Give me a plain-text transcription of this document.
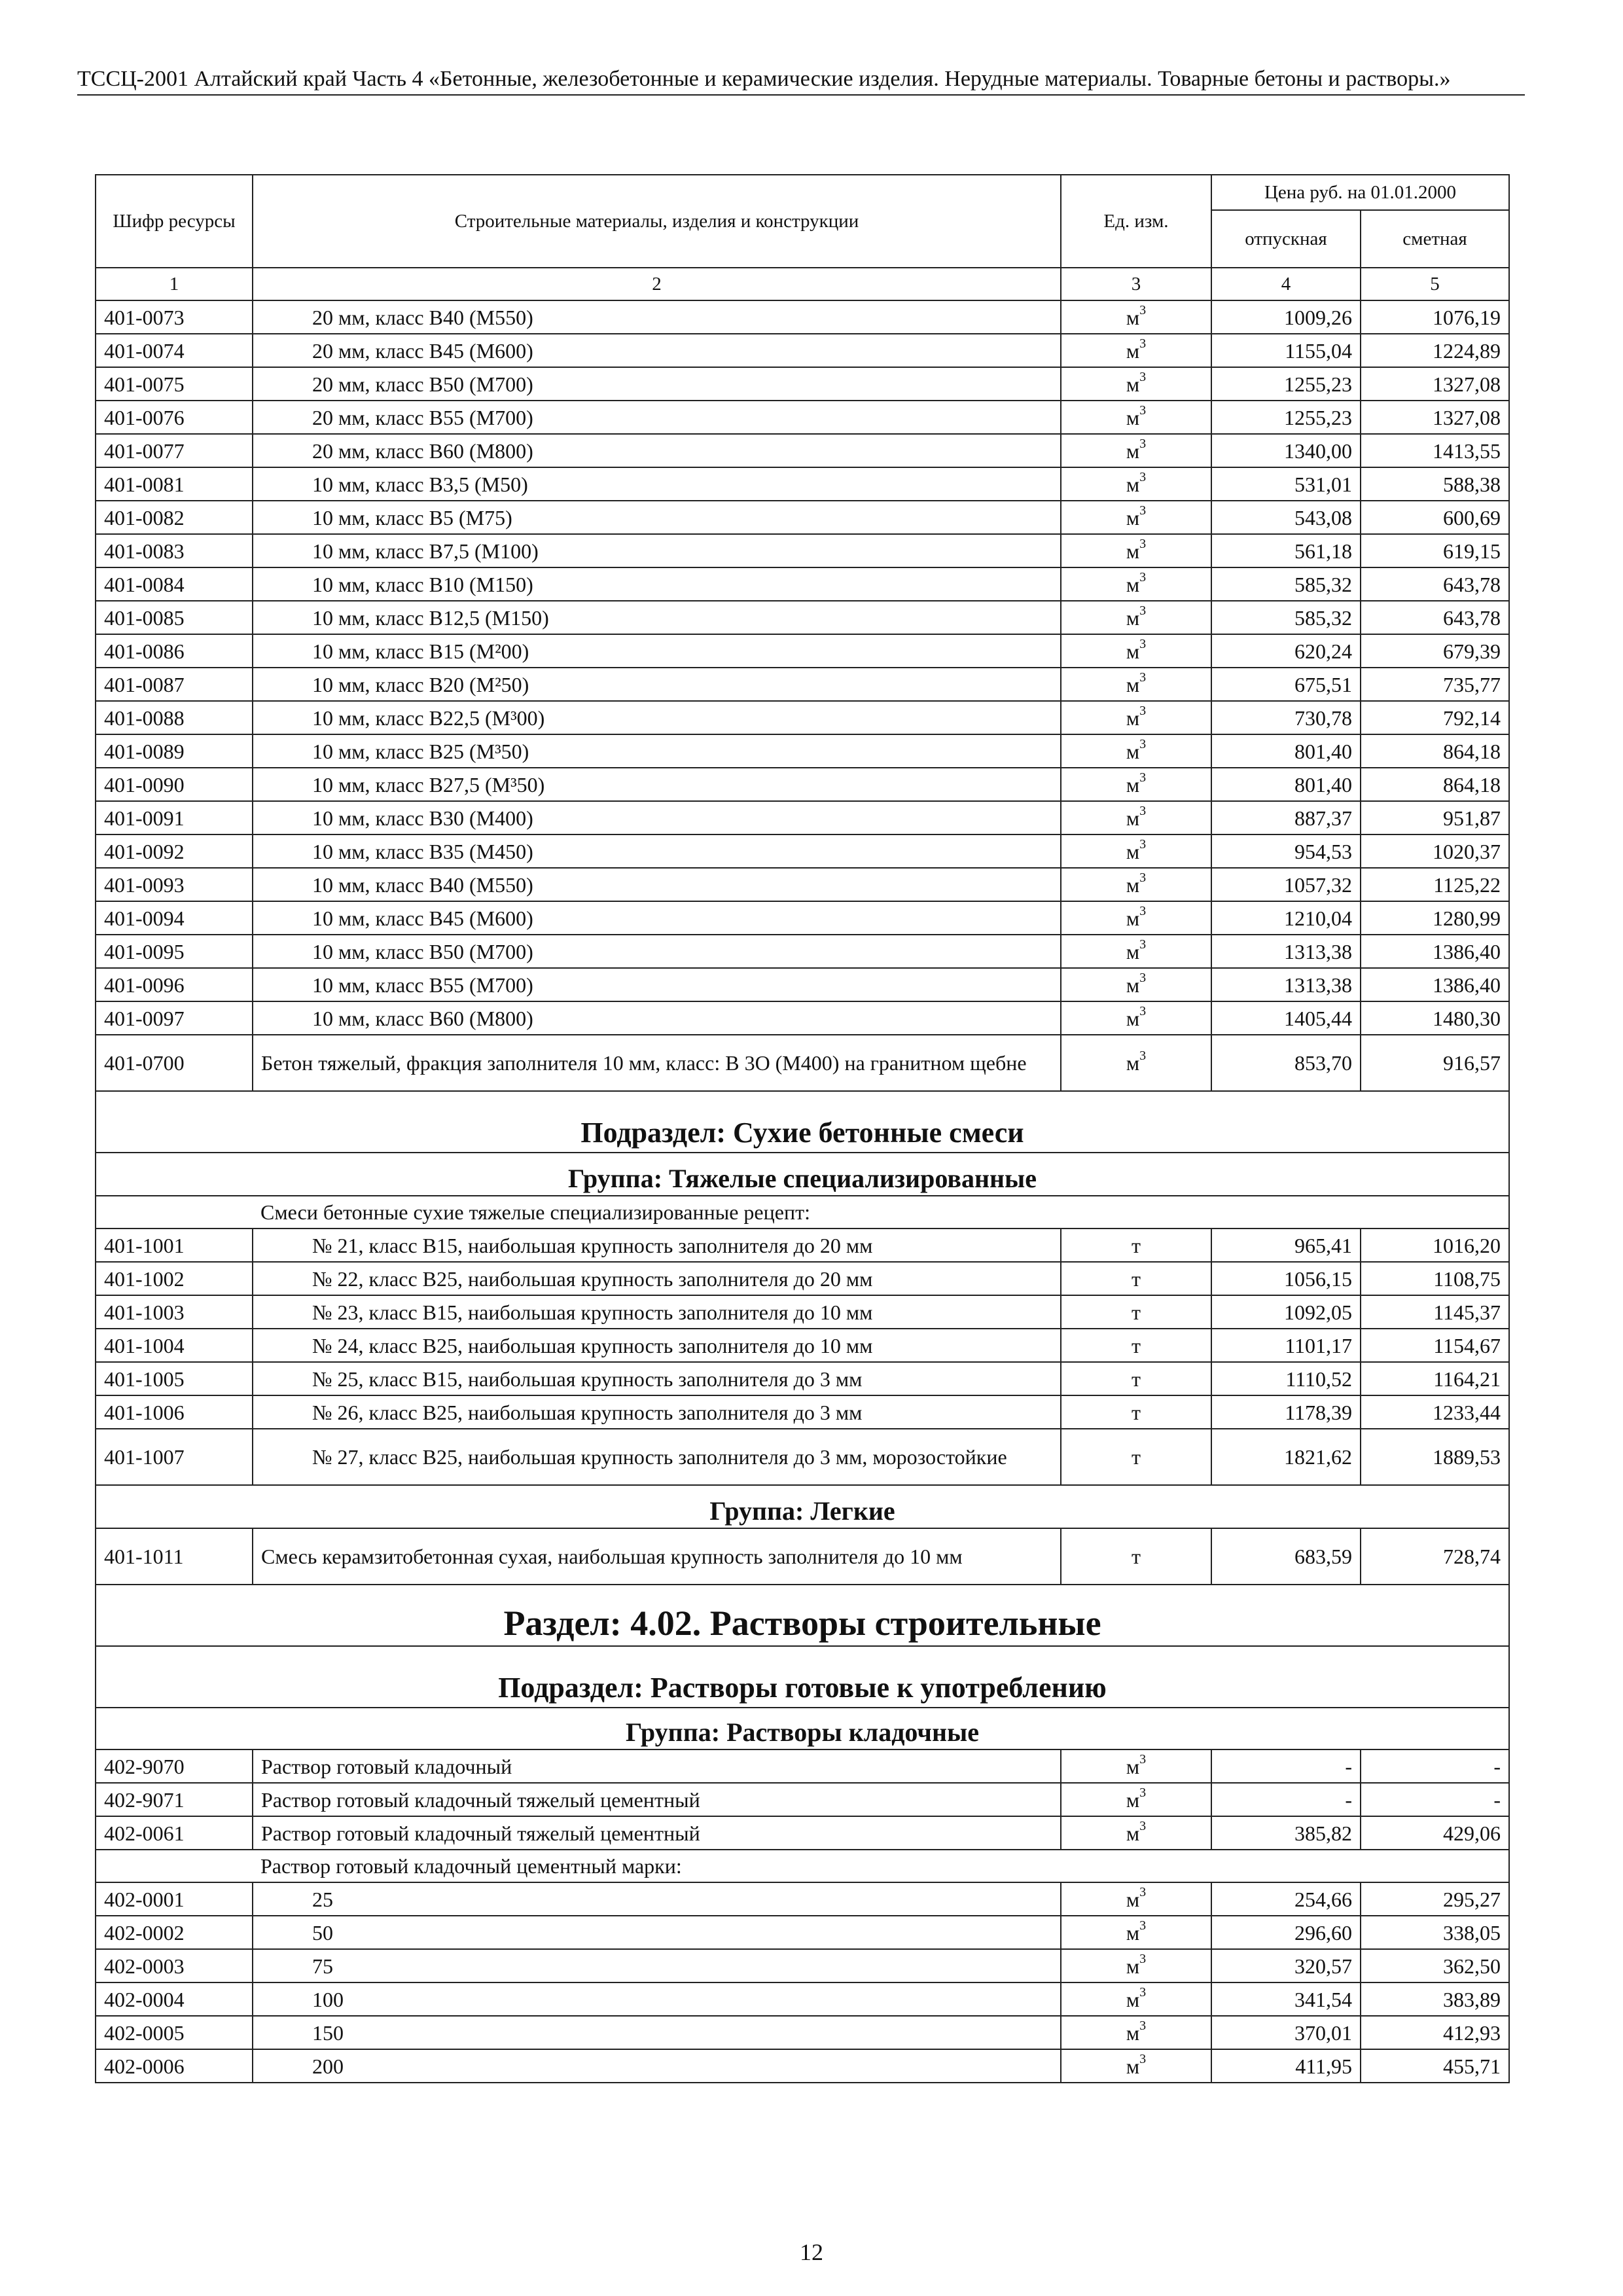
ТССЦ-2001 Алтайский край Часть 4 «Бетонные, железобетонные и керамические изделия. Нерудные материалы. Товарные бетоны и растворы.»
Шифр ресурсы	Строительные материалы, изделия и конструкции	Ед. изм.	Цена руб. на 01.01.2000	
			отпускная	сметная
1	2	3	4	5
401-0073	20 мм, класс В40 (М550)	$м^3$	1009,26	1076,19
401-0074	20 мм, класс В45 (М600)	$м^3$	1155,04	1224,89
401-0075	20 мм, класс В50 (М700)	$м^3$	1255,23	1327,08
401-0076	20 мм, класс В55 (М700)	$м^3$	1255,23	1327,08
401-0077	20 мм, класс В60 (М800)	$м^3$	1340,00	1413,55
401-0081	10 мм, класс В3,5 (М50)	$м^3$	531,01	588,38
401-0082	10 мм, класс В5 (М75)	$м^3$	543,08	600,69
401-0083	10 мм, класс В7,5 (М100)	$м^3$	561,18	619,15
401-0084	10 мм, класс В10 (М150)	$м^3$	585,32	643,78
401-0085	10 мм, класс В12,5 (М150)	$м^3$	585,32	643,78
401-0086	10 мм, класс В15 (М²00)	$м^3$	620,24	679,39
401-0087	10 мм, класс В20 (М²50)	$м^3$	675,51	735,77
401-0088	10 мм, класс В22,5 (М³00)	$м^3$	730,78	792,14
401-0089	10 мм, класс В25 (М³50)	$м^3$	801,40	864,18
401-0090	10 мм, класс В27,5 (М³50)	$м^3$	801,40	864,18
401-0091	10 мм, класс В30 (М400)	$м^3$	887,37	951,87
401-0092	10 мм, класс В35 (М450)	$м^3$	954,53	1020,37
401-0093	10 мм, класс В40 (М550)	$м^3$	1057,32	1125,22
401-0094	10 мм, класс В45 (М600)	$м^3$	1210,04	1280,99
401-0095	10 мм, класс В50 (М700)	$м^3$	1313,38	1386,40
401-0096	10 мм, класс В55 (М700)	$м^3$	1313,38	1386,40
401-0097	10 мм, класс В60 (М800)	$м^3$	1405,44	1480,30
401-0700	Бетон тяжелый, фракция заполнителя 10 мм, класс: В 3О (М400) на гранитном щебне	$м^3$	853,70	916,57
Подраздел: Сухие бетонные смеси				
Группа: Тяжелые специализированные				
	Смеси бетонные сухие тяжелые специализированные рецепт:			
401-1001	№ 21, класс В15, наибольшая крупность заполнителя до 20 мм	т	965,41	1016,20
401-1002	№ 22, класс В25, наибольшая крупность заполнителя до 20 мм	т	1056,15	1108,75
401-1003	№ 23, класс В15, наибольшая крупность заполнителя до 10 мм	т	1092,05	1145,37
401-1004	№ 24, класс В25, наибольшая крупность заполнителя до 10 мм	т	1101,17	1154,67
401-1005	№ 25, класс В15, наибольшая крупность заполнителя до 3 мм	т	1110,52	1164,21
401-1006	№ 26, класс В25, наибольшая крупность заполнителя до 3 мм	т	1178,39	1233,44
401-1007	№ 27, класс В25, наибольшая крупность заполнителя до 3 мм, морозостойкие	т	1821,62	1889,53
Группа: Легкие				
401-1011	Смесь керамзитобетонная сухая, наибольшая крупность заполнителя до 10 мм	т	683,59	728,74
Раздел: 4.02. Растворы строительные				
Подраздел: Растворы готовые к употреблению				
Группа: Растворы кладочные				
402-9070	Раствор готовый кладочный	$м^3$	-	-
402-9071	Раствор готовый кладочный тяжелый цементный	$м^3$	-	-
402-0061	Раствор готовый кладочный тяжелый цементный	$м^3$	385,82	429,06
	Раствор готовый кладочный цементный марки:			
402-0001	25	$м^3$	254,66	295,27
402-0002	50	$м^3$	296,60	338,05
402-0003	75	$м^3$	320,57	362,50
402-0004	100	$м^3$	341,54	383,89
402-0005	150	$м^3$	370,01	412,93
402-0006	200	$м^3$	411,95	455,71
12
